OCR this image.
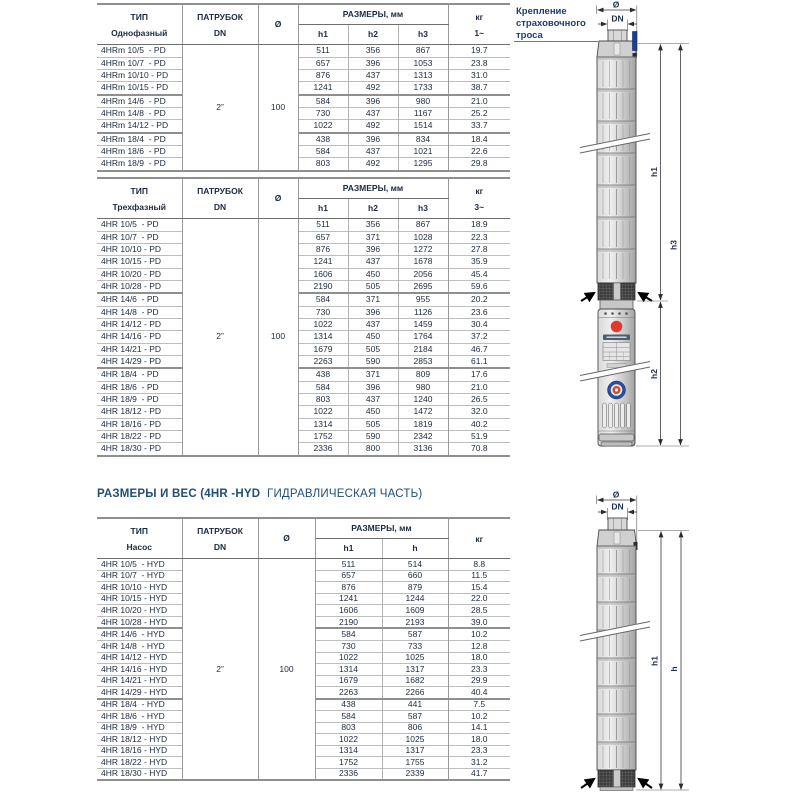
ТИП
Однофазный

ПАТРУБОК
DN
	Ø	РАЗМЕРЫ, мм	кг
1~

			h1	h2	h3	
4HRm 10/5  - PD	2”	100	511	356	867	19.7
4HRm 10/7  - PD			657	396	1053	23.8
4HRm 10/10 - PD			876	437	1313	31.0
4HRm 10/15 - PD			1241	492	1733	38.7
4HRm 14/6  - PD			584	396	980	21.0
4HRm 14/8  - PD			730	437	1167	25.2
4HRm 14/12 - PD			1022	492	1514	33.7
4HRm 18/4  - PD			438	396	834	18.4
4HRm 18/6  - PD			584	437	1021	22.6
4HRm 18/9  - PD			803	492	1295	29.8
ТИП
Трехфазный

ПАТРУБОК
DN
	Ø	РАЗМЕРЫ, мм	кг
3~

			h1	h2	h3	
4HR 10/5  - PD	2”	100	511	356	867	18.9
4HR 10/7  - PD			657	371	1028	22.3
4HR 10/10 - PD			876	396	1272	27.8
4HR 10/15 - PD			1241	437	1678	35.9
4HR 10/20 - PD			1606	450	2056	45.4
4HR 10/28 - PD			2190	505	2695	59.6
4HR 14/6  - PD			584	371	955	20.2
4HR 14/8  - PD			730	396	1126	23.6
4HR 14/12 - PD			1022	437	1459	30.4
4HR 14/16 - PD			1314	450	1764	37.2
4HR 14/21 - PD			1679	505	2184	46.7
4HR 14/29 - PD			2263	590	2853	61.1
4HR 18/4  - PD			438	371	809	17.6
4HR 18/6  - PD			584	396	980	21.0
4HR 18/9  - PD			803	437	1240	26.5
4HR 18/12 - PD			1022	450	1472	32.0
4HR 18/16 - PD			1314	505	1819	40.2
4HR 18/22 - PD			1752	590	2342	51.9
4HR 18/30 - PD			2336	800	3136	70.8
РАЗМЕРЫ И ВЕС (4HR -HYD  ГИДРАВЛИЧЕСКАЯ ЧАСТЬ)
ТИП
Насос

ПАТРУБОК
DN
	Ø	РАЗМЕРЫ, мм	
кг

			h1	h	
4HR 10/5  - HYD	2”	100	511	514	8.8
4HR 10/7  - HYD			657	660	11.5
4HR 10/10 - HYD			876	879	15.4
4HR 10/15 - HYD			1241	1244	22.0
4HR 10/20 - HYD			1606	1609	28.5
4HR 10/28 - HYD			2190	2193	39.0
4HR 14/6  - HYD			584	587	10.2
4HR 14/8  - HYD			730	733	12.8
4HR 14/12 - HYD			1022	1025	18.0
4HR 14/16 - HYD			1314	1317	23.3
4HR 14/21 - HYD			1679	1682	29.9
4HR 14/29 - HYD			2263	2266	40.4
4HR 18/4  - HYD			438	441	7.5
4HR 18/6  - HYD			584	587	10.2
4HR 18/9  - HYD			803	806	14.1
4HR 18/12 - HYD			1022	1025	18.0
4HR 18/16 - HYD			1314	1317	23.3
4HR 18/22 - HYD			1752	1755	31.2
4HR 18/30 - HYD			2336	2339	41.7
Крепление
страховочного
троса
Ø
DN
h1
h2
h3
Ø
DN
h1
h
